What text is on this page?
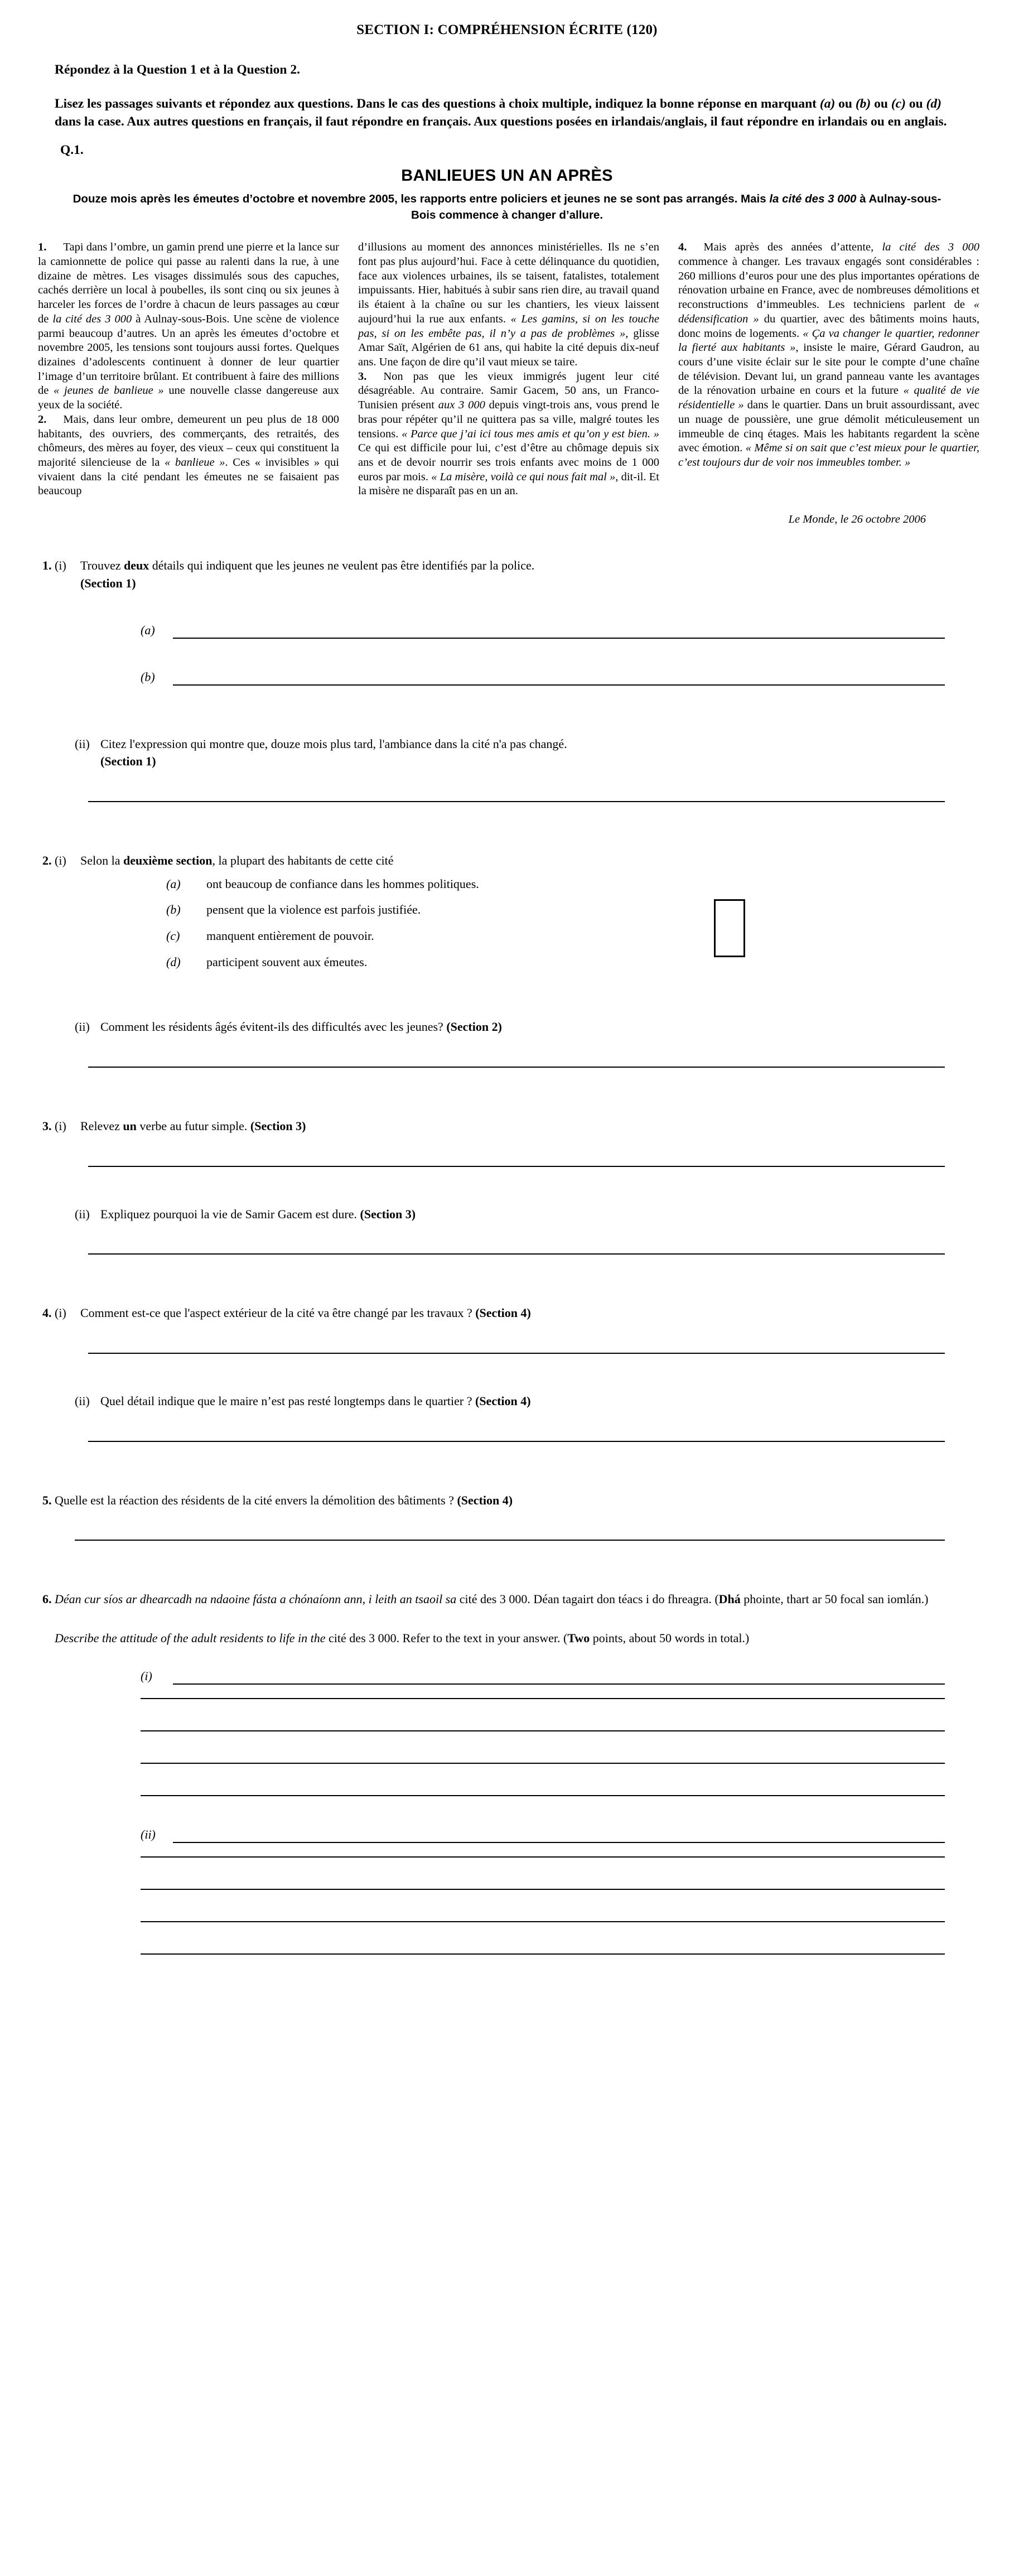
SECTION I: COMPRÉHENSION ÉCRITE (120)

Répondez à la Question 1 et à la Question 2.

Lisez les passages suivants et répondez aux questions. Dans le cas des questions à choix multiple, indiquez la bonne réponse en marquant (a) ou (b) ou (c) ou (d) dans la case. Aux autres questions en français, il faut répondre en français. Aux questions posées en irlandais/anglais, il faut répondre en irlandais ou en anglais.

Q.1.
BANLIEUES UN AN APRÈS
Douze mois après les émeutes d’octobre et novembre 2005, les rapports entre policiers et jeunes ne se sont pas arrangés. Mais la cité des 3 000 à Aulnay-sous-Bois commence à changer d’allure.

1. Tapi dans l’ombre, un gamin prend une pierre et la lance sur la camionnette de police qui passe au ralenti dans la rue, à une dizaine de mètres. Les visages dissimulés sous des capuches, cachés derrière un local à poubelles, ils sont cinq ou six jeunes à harceler les forces de l’ordre à chacun de leurs passages au cœur de la cité des 3 000 à Aulnay-sous-Bois. Une scène de violence parmi beaucoup d’autres. Un an après les émeutes d’octobre et novembre 2005, les tensions sont toujours aussi fortes. Quelques dizaines d’adolescents continuent à donner de leur quartier l’image d’un territoire brûlant. Et contribuent à faire des millions de « jeunes de banlieue » une nouvelle classe dangereuse aux yeux de la société.

2. Mais, dans leur ombre, demeurent un peu plus de 18 000 habitants, des ouvriers, des commerçants, des retraités, des chômeurs, des mères au foyer, des vieux – ceux qui constituent la majorité silencieuse de la « banlieue ». Ces « invisibles » qui vivaient dans la cité pendant les émeutes ne se faisaient pas beaucoup

d’illusions au moment des annonces ministérielles. Ils ne s’en font pas plus aujourd’hui. Face à cette délinquance du quotidien, face aux violences urbaines, ils se taisent, fatalistes, totalement impuissants. Hier, habitués à subir sans rien dire, au travail quand ils étaient à la chaîne ou sur les chantiers, les vieux laissent aujourd’hui la rue aux enfants. « Les gamins, si on les touche pas, si on les embête pas, il n’y a pas de problèmes », glisse Amar Saït, Algérien de 61 ans, qui habite la cité depuis dix-neuf ans. Une façon de dire qu’il vaut mieux se taire.

3. Non pas que les vieux immigrés jugent leur cité désagréable. Au contraire. Samir Gacem, 50 ans, un Franco-Tunisien présent aux 3 000 depuis vingt-trois ans, vous prend le bras pour répéter qu’il ne quittera pas sa ville, malgré toutes les tensions. « Parce que j’ai ici tous mes amis et qu’on y est bien. » Ce qui est difficile pour lui, c’est d’être au chômage depuis six ans et de devoir nourrir ses trois enfants avec moins de 1 000 euros par mois. « La misère, voilà ce qui nous fait mal », dit-il. Et la misère ne disparaît pas en un an.

4. Mais après des années d’attente, la cité des 3 000 commence à changer. Les travaux engagés sont considérables : 260 millions d’euros pour une des plus importantes opérations de rénovation urbaine en France, avec de nombreuses démolitions et reconstructions d’immeubles. Les techniciens parlent de « dédensification » du quartier, avec des bâtiments moins hauts, donc moins de logements. « Ça va changer le quartier, redonner la fierté aux habitants », insiste le maire, Gérard Gaudron, au cours d’une visite éclair sur le site pour le compte d’une chaîne de télévision. Devant lui, un grand panneau vante les avantages de la rénovation urbaine en cours et la future « qualité de vie résidentielle » dans le quartier. Dans un bruit assourdissant, avec un nuage de poussière, une grue démolit méticuleusement un immeuble de cinq étages. Mais les habitants regardent la scène avec émotion. « Même si on sait que c’est mieux pour le quartier, c’est toujours dur de voir nos immeubles tomber. »

Le Monde, le 26 octobre 2006
1. (i)	Trouvez deux détails qui indiquent que les jeunes ne veulent pas être identifiés par la police.
(Section 1)
(a)
(b)
(ii) Citez l'expression qui montre que, douze mois plus tard, l'ambiance dans la cité n'a pas changé.
(Section 1)
2. (i)	Selon la deuxième section, la plupart des habitants de cette cité
(a)	ont beaucoup de confiance dans les hommes politiques.
(b)	pensent que la violence est parfois justifiée.
(c)	manquent entièrement de pouvoir.
(d)	participent souvent aux émeutes.
(ii) Comment les résidents âgés évitent-ils des difficultés avec les jeunes? (Section 2)
3. (i)	Relevez un verbe au futur simple. (Section 3)
(ii) Expliquez pourquoi la vie de Samir Gacem est dure. (Section 3)
4. (i)	Comment est-ce que l'aspect extérieur de la cité va être changé par les travaux ? (Section 4)
(ii) Quel détail indique que le maire n’est pas resté longtemps dans le quartier ? (Section 4)
5. Quelle est la réaction des résidents de la cité envers la démolition des bâtiments ? (Section 4)
6. Déan cur síos ar dhearcadh na ndaoine fásta a chónaíonn ann, i leith an tsaoil sa cité des 3 000. Déan tagairt don téacs i do fhreagra. (Dhá phointe, thart ar 50 focal san iomlán.)
Describe the attitude of the adult residents to life in the cité des 3 000. Refer to the text in your answer. (Two points, about 50 words in total.)
(i)
(ii)
